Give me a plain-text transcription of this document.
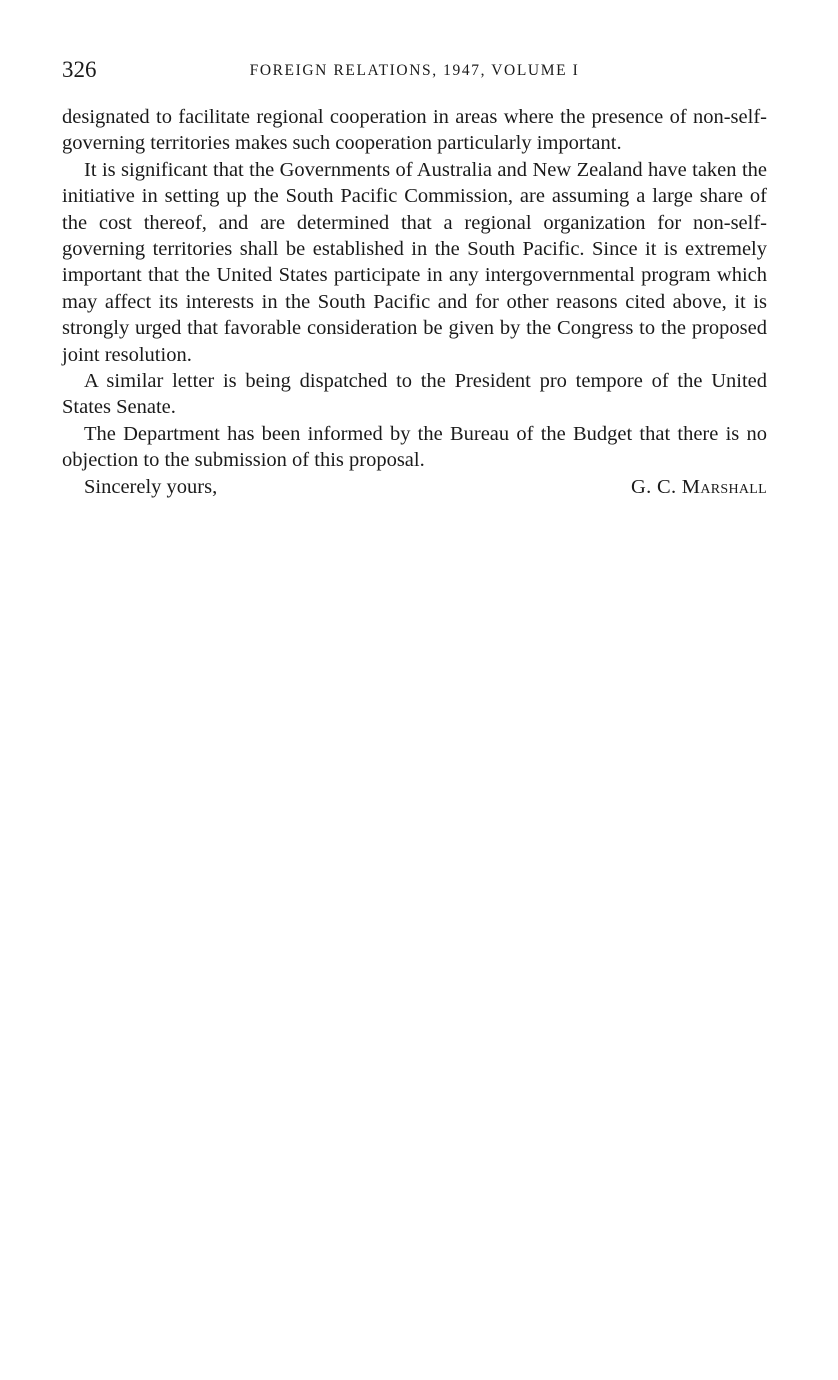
326	FOREIGN RELATIONS, 1947, VOLUME I

designated to facilitate regional cooperation in areas where the presence of non-self-governing territories makes such cooperation particularly important.

It is significant that the Governments of Australia and New Zealand have taken the initiative in setting up the South Pacific Commission, are assuming a large share of the cost thereof, and are determined that a regional organization for non-self-governing territories shall be established in the South Pacific. Since it is extremely important that the United States participate in any intergovernmental program which may affect its interests in the South Pacific and for other reasons cited above, it is strongly urged that favorable consideration be given by the Congress to the proposed joint resolution.

A similar letter is being dispatched to the President pro tempore of the United States Senate.

The Department has been informed by the Bureau of the Budget that there is no objection to the submission of this proposal.

Sincerely yours,	G. C. Marshall
